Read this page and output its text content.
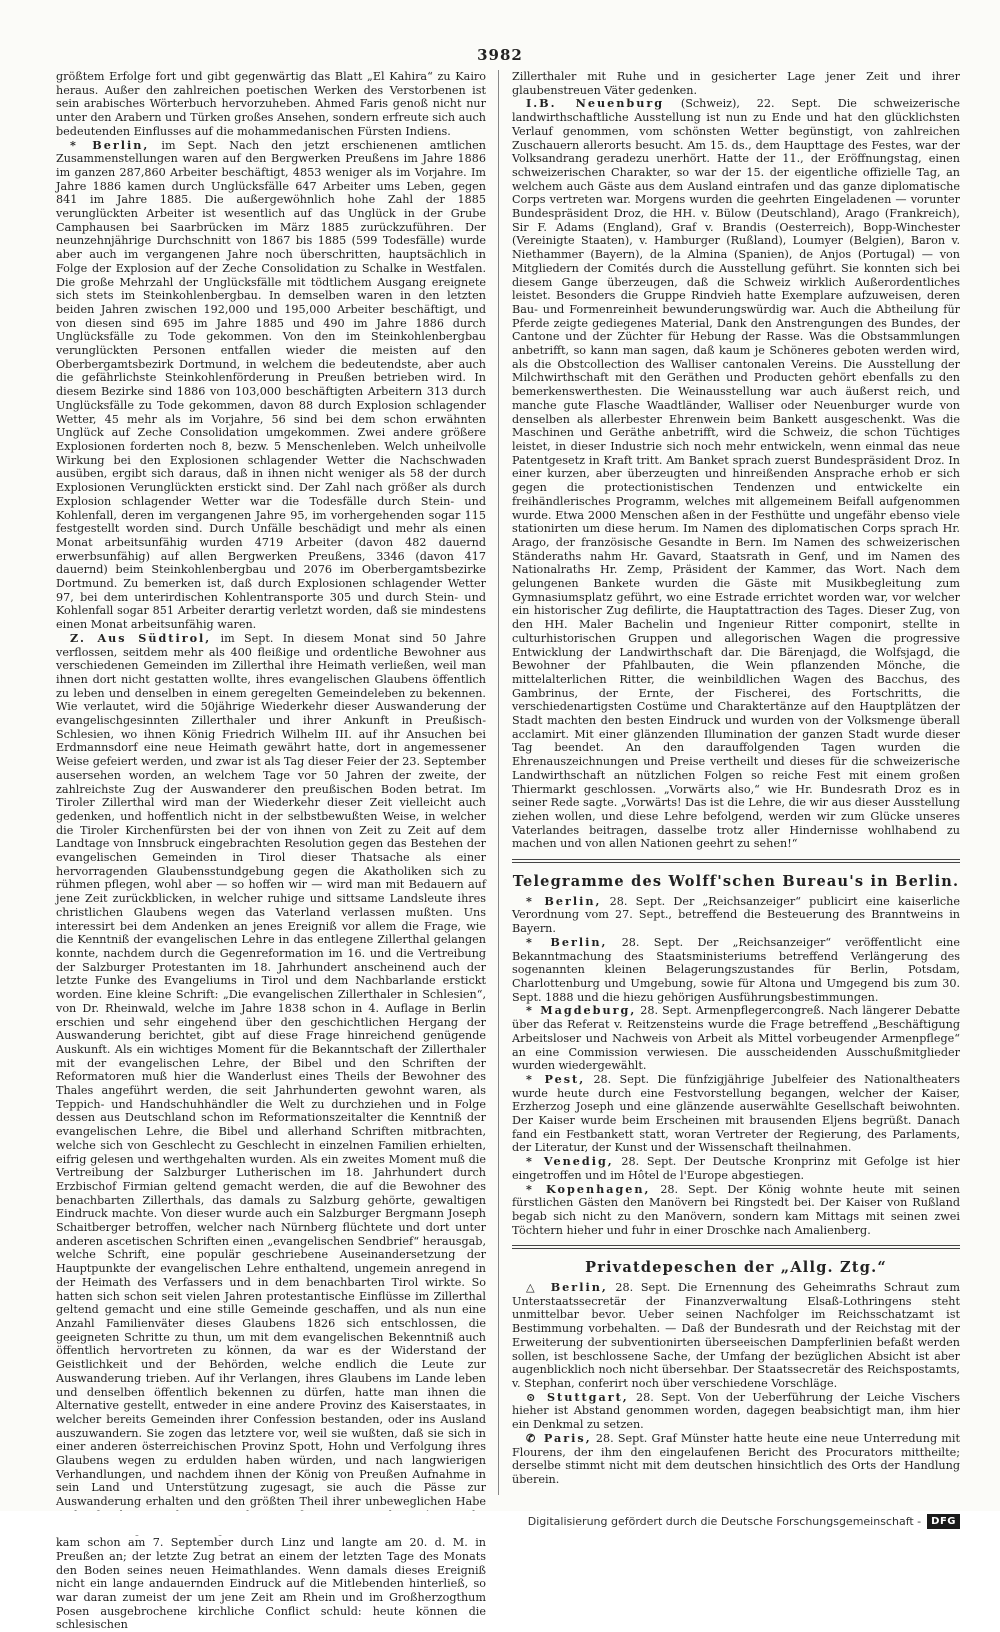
3982

größtem Erfolge fort und gibt gegenwärtig das Blatt „El Kahira“ zu Kairo heraus. Außer den zahlreichen poetischen Werken des Verstorbenen ist sein arabisches Wörterbuch hervorzuheben. Ahmed Faris genoß nicht nur unter den Arabern und Türken großes Ansehen, sondern erfreute sich auch bedeutenden Einflusses auf die mohammedanischen Fürsten Indiens.

* Berlin, im Sept. Nach den jetzt erschienenen amtlichen Zusammenstellungen waren auf den Bergwerken Preußens im Jahre 1886 im ganzen 287,860 Arbeiter beschäftigt, 4853 weniger als im Vorjahre. Im Jahre 1886 kamen durch Unglücksfälle 647 Arbeiter ums Leben, gegen 841 im Jahre 1885. Die außergewöhnlich hohe Zahl der 1885 verunglückten Arbeiter ist wesentlich auf das Unglück in der Grube Camphausen bei Saarbrücken im März 1885 zurückzuführen. Der neunzehnjährige Durchschnitt von 1867 bis 1885 (599 Todesfälle) wurde aber auch im vergangenen Jahre noch überschritten, hauptsächlich in Folge der Explosion auf der Zeche Consolidation zu Schalke in Westfalen. Die große Mehrzahl der Unglücksfälle mit tödtlichem Ausgang ereignete sich stets im Steinkohlenbergbau. In demselben waren in den letzten beiden Jahren zwischen 192,000 und 195,000 Arbeiter beschäftigt, und von diesen sind 695 im Jahre 1885 und 490 im Jahre 1886 durch Unglücksfälle zu Tode gekommen. Von den im Steinkohlenbergbau verunglückten Personen entfallen wieder die meisten auf den Oberbergamtsbezirk Dortmund, in welchem die bedeutendste, aber auch die gefährlichste Steinkohlenförderung in Preußen betrieben wird. In diesem Bezirke sind 1886 von 103,000 beschäftigten Arbeitern 313 durch Unglücksfälle zu Tode gekommen, davon 88 durch Explosion schlagender Wetter, 45 mehr als im Vorjahre, 56 sind bei dem schon erwähnten Unglück auf Zeche Consolidation umgekommen. Zwei andere größere Explosionen forderten noch 8, bezw. 5 Menschenleben. Welch unheilvolle Wirkung bei den Explosionen schlagender Wetter die Nachschwaden ausüben, ergibt sich daraus, daß in ihnen nicht weniger als 58 der durch Explosionen Verunglückten erstickt sind. Der Zahl nach größer als durch Explosion schlagender Wetter war die Todesfälle durch Stein- und Kohlenfall, deren im vergangenen Jahre 95, im vorhergehenden sogar 115 festgestellt worden sind. Durch Unfälle beschädigt und mehr als einen Monat arbeitsunfähig wurden 4719 Arbeiter (davon 482 dauernd erwerbsunfähig) auf allen Bergwerken Preußens, 3346 (davon 417 dauernd) beim Steinkohlenbergbau und 2076 im Oberbergamtsbezirke Dortmund. Zu bemerken ist, daß durch Explosionen schlagender Wetter 97, bei dem unterirdischen Kohlentransporte 305 und durch Stein- und Kohlenfall sogar 851 Arbeiter derartig verletzt worden, daß sie mindestens einen Monat arbeitsunfähig waren.

Z. Aus Südtirol, im Sept. In diesem Monat sind 50 Jahre verflossen, seitdem mehr als 400 fleißige und ordentliche Bewohner aus verschiedenen Gemeinden im Zillerthal ihre Heimath verließen, weil man ihnen dort nicht gestatten wollte, ihres evangelischen Glaubens öffentlich zu leben und denselben in einem geregelten Gemeindeleben zu bekennen. Wie verlautet, wird die 50jährige Wiederkehr dieser Auswanderung der evangelischgesinnten Zillerthaler und ihrer Ankunft in Preußisch-Schlesien, wo ihnen König Friedrich Wilhelm III. auf ihr Ansuchen bei Erdmannsdorf eine neue Heimath gewährt hatte, dort in angemessener Weise gefeiert werden, und zwar ist als Tag dieser Feier der 23. September ausersehen worden, an welchem Tage vor 50 Jahren der zweite, der zahlreichste Zug der Auswanderer den preußischen Boden betrat. Im Tiroler Zillerthal wird man der Wiederkehr dieser Zeit vielleicht auch gedenken, und hoffentlich nicht in der selbstbewußten Weise, in welcher die Tiroler Kirchenfürsten bei der von ihnen von Zeit zu Zeit auf dem Landtage von Innsbruck eingebrachten Resolution gegen das Bestehen der evangelischen Gemeinden in Tirol dieser Thatsache als einer hervorragenden Glaubensstundgebung gegen die Akatholiken sich zu rühmen pflegen, wohl aber — so hoffen wir — wird man mit Bedauern auf jene Zeit zurückblicken, in welcher ruhige und sittsame Landsleute ihres christlichen Glaubens wegen das Vaterland verlassen mußten. Uns interessirt bei dem Andenken an jenes Ereigniß vor allem die Frage, wie die Kenntniß der evangelischen Lehre in das entlegene Zillerthal gelangen konnte, nachdem durch die Gegenreformation im 16. und die Vertreibung der Salzburger Protestanten im 18. Jahrhundert anscheinend auch der letzte Funke des Evangeliums in Tirol und dem Nachbarlande erstickt worden. Eine kleine Schrift: „Die evangelischen Zillerthaler in Schlesien“, von Dr. Rheinwald, welche im Jahre 1838 schon in 4. Auflage in Berlin erschien und sehr eingehend über den geschichtlichen Hergang der Auswanderung berichtet, gibt auf diese Frage hinreichend genügende Auskunft. Als ein wichtiges Moment für die Bekanntschaft der Zillerthaler mit der evangelischen Lehre, der Bibel und den Schriften der Reformatoren muß hier die Wanderlust eines Theils der Bewohner des Thales angeführt werden, die seit Jahrhunderten gewohnt waren, als Teppich- und Handschuhhändler die Welt zu durchziehen und in Folge dessen aus Deutschland schon im Reformationszeitalter die Kenntniß der evangelischen Lehre, die Bibel und allerhand Schriften mitbrachten, welche sich von Geschlecht zu Geschlecht in einzelnen Familien erhielten, eifrig gelesen und werthgehalten wurden. Als ein zweites Moment muß die Vertreibung der Salzburger Lutherischen im 18. Jahrhundert durch Erzbischof Firmian geltend gemacht werden, die auf die Bewohner des benachbarten Zillerthals, das damals zu Salzburg gehörte, gewaltigen Eindruck machte. Von dieser wurde auch ein Salzburger Bergmann Joseph Schaitberger betroffen, welcher nach Nürnberg flüchtete und dort unter anderen ascetischen Schriften einen „evangelischen Sendbrief“ herausgab, welche Schrift, eine populär geschriebene Auseinandersetzung der Hauptpunkte der evangelischen Lehre enthaltend, ungemein anregend in der Heimath des Verfassers und in dem benachbarten Tirol wirkte. So hatten sich schon seit vielen Jahren protestantische Einflüsse im Zillerthal geltend gemacht und eine stille Gemeinde geschaffen, und als nun eine Anzahl Familienväter dieses Glaubens 1826 sich entschlossen, die geeigneten Schritte zu thun, um mit dem evangelischen Bekenntniß auch öffentlich hervortreten zu können, da war es der Widerstand der Geistlichkeit und der Behörden, welche endlich die Leute zur Auswanderung trieben. Auf ihr Verlangen, ihres Glaubens im Lande leben und denselben öffentlich bekennen zu dürfen, hatte man ihnen die Alternative gestellt, entweder in eine andere Provinz des Kaiserstaates, in welcher bereits Gemeinden ihrer Confession bestanden, oder ins Ausland auszuwandern. Sie zogen das letztere vor, weil sie wußten, daß sie sich in einer anderen österreichischen Provinz Spott, Hohn und Verfolgung ihres Glaubens wegen zu erdulden haben würden, und nach langwierigen Verhandlungen, und nachdem ihnen der König von Preußen Aufnahme in sein Land und Unterstützung zugesagt, sie auch die Pässe zur Auswanderung erhalten und den größten Theil ihrer unbeweglichen Habe kam schon am 7. September durch Linz und langte am 20. d. M. in Preußen an; der letzte Zug betrat an einem der letzten Tage des Monats den Boden seines neuen Heimathlandes. Wenn damals dieses Ereigniß nicht ein lange andauernden Eindruck auf die Mitlebenden hinterließ, so war daran zumeist der um jene Zeit am Rhein und im Großherzogthum Posen ausgebrochene kirchliche Conflict schuld: heute können die schlesischen

Zillerthaler mit Ruhe und in gesicherter Lage jener Zeit und ihrer glaubenstreuen Väter gedenken.

I.B. Neuenburg (Schweiz), 22. Sept. Die schweizerische landwirthschaftliche Ausstellung ist nun zu Ende und hat den glücklichsten Verlauf genommen, vom schönsten Wetter begünstigt, von zahlreichen Zuschauern allerorts besucht. Am 15. ds., dem Haupttage des Festes, war der Volksandrang geradezu unerhört. Hatte der 11., der Eröffnungstag, einen schweizerischen Charakter, so war der 15. der eigentliche offizielle Tag, an welchem auch Gäste aus dem Ausland eintrafen und das ganze diplomatische Corps vertreten war. Morgens wurden die geehrten Eingeladenen — vorunter Bundespräsident Droz, die HH. v. Bülow (Deutschland), Arago (Frankreich), Sir F. Adams (England), Graf v. Brandis (Oesterreich), Bopp-Winchester (Vereinigte Staaten), v. Hamburger (Rußland), Loumyer (Belgien), Baron v. Niethammer (Bayern), de la Almina (Spanien), de Anjos (Portugal) — von Mitgliedern der Comités durch die Ausstellung geführt. Sie konnten sich bei diesem Gange überzeugen, daß die Schweiz wirklich Außerordentliches leistet. Besonders die Gruppe Rindvieh hatte Exemplare aufzuweisen, deren Bau- und Formenreinheit bewunderungswürdig war. Auch die Abtheilung für Pferde zeigte gediegenes Material, Dank den Anstrengungen des Bundes, der Cantone und der Züchter für Hebung der Rasse. Was die Obstsammlungen anbetrifft, so kann man sagen, daß kaum je Schöneres geboten werden wird, als die Obstcollection des Walliser cantonalen Vereins. Die Ausstellung der Milchwirthschaft mit den Geräthen und Producten gehört ebenfalls zu den bemerkenswerthesten. Die Weinausstellung war auch äußerst reich, und manche gute Flasche Waadtländer, Walliser oder Neuenburger wurde von denselben als allerbester Ehrenwein beim Bankett ausgeschenkt. Was die Maschinen und Geräthe anbetrifft, wird die Schweiz, die schon Tüchtiges leistet, in dieser Industrie sich noch mehr entwickeln, wenn einmal das neue Patentgesetz in Kraft tritt. Am Banket sprach zuerst Bundespräsident Droz. In einer kurzen, aber überzeugten und hinreißenden Ansprache erhob er sich gegen die protectionistischen Tendenzen und entwickelte ein freihändlerisches Programm, welches mit allgemeinem Beifall aufgenommen wurde. Etwa 2000 Menschen aßen in der Festhütte und ungefähr ebenso viele stationirten um diese herum. Im Namen des diplomatischen Corps sprach Hr. Arago, der französische Gesandte in Bern. Im Namen des schweizerischen Ständeraths nahm Hr. Gavard, Staatsrath in Genf, und im Namen des Nationalraths Hr. Zemp, Präsident der Kammer, das Wort. Nach dem gelungenen Bankete wurden die Gäste mit Musikbegleitung zum Gymnasiumsplatz geführt, wo eine Estrade errichtet worden war, vor welcher ein historischer Zug defilirte, die Hauptattraction des Tages. Dieser Zug, von den HH. Maler Bachelin und Ingenieur Ritter componirt, stellte in culturhistorischen Gruppen und allegorischen Wagen die progressive Entwicklung der Landwirthschaft dar. Die Bärenjagd, die Wolfsjagd, die Bewohner der Pfahlbauten, die Wein pflanzenden Mönche, die mittelalterlichen Ritter, die weinbildlichen Wagen des Bacchus, des Gambrinus, der Ernte, der Fischerei, des Fortschritts, die verschiedenartigsten Costüme und Charaktertänze auf den Hauptplätzen der Stadt machten den besten Eindruck und wurden von der Volksmenge überall acclamirt. Mit einer glänzenden Illumination der ganzen Stadt wurde dieser Tag beendet. An den darauffolgenden Tagen wurden die Ehrenauszeichnungen und Preise vertheilt und dieses für die schweizerische Landwirthschaft an nützlichen Folgen so reiche Fest mit einem großen Thiermarkt geschlossen. „Vorwärts also,“ wie Hr. Bundesrath Droz es in seiner Rede sagte. „Vorwärts! Das ist die Lehre, die wir aus dieser Ausstellung ziehen wollen, und diese Lehre befolgend, werden wir zum Glücke unseres Vaterlandes beitragen, dasselbe trotz aller Hindernisse wohlhabend zu machen und von allen Nationen geehrt zu sehen!“

Telegramme des Wolff'schen Bureau's in Berlin.

* Berlin, 28. Sept. Der „Reichsanzeiger“ publicirt eine kaiserliche Verordnung vom 27. Sept., betreffend die Besteuerung des Branntweins in Bayern.

* Berlin, 28. Sept. Der „Reichsanzeiger“ veröffentlicht eine Bekanntmachung des Staatsministeriums betreffend Verlängerung des sogenannten kleinen Belagerungszustandes für Berlin, Potsdam, Charlottenburg und Umgebung, sowie für Altona und Umgegend bis zum 30. Sept. 1888 und die hiezu gehörigen Ausführungsbestimmungen.

* Magdeburg, 28. Sept. Armenpflegercongreß. Nach längerer Debatte über das Referat v. Reitzensteins wurde die Frage betreffend „Beschäftigung Arbeitsloser und Nachweis von Arbeit als Mittel vorbeugender Armenpflege“ an eine Commission verwiesen. Die ausscheidenden Ausschußmitglieder wurden wiedergewählt.

* Pest, 28. Sept. Die fünfzigjährige Jubelfeier des Nationaltheaters wurde heute durch eine Festvorstellung begangen, welcher der Kaiser, Erzherzog Joseph und eine glänzende auserwählte Gesellschaft beiwohnten. Der Kaiser wurde beim Erscheinen mit brausenden Eljens begrüßt. Danach fand ein Festbankett statt, woran Vertreter der Regierung, des Parlaments, der Literatur, der Kunst und der Wissenschaft theilnahmen.

* Venedig, 28. Sept. Der Deutsche Kronprinz mit Gefolge ist hier eingetroffen und im Hôtel de l'Europe abgestiegen.

* Kopenhagen, 28. Sept. Der König wohnte heute mit seinen fürstlichen Gästen den Manövern bei Ringstedt bei. Der Kaiser von Rußland begab sich nicht zu den Manövern, sondern kam Mittags mit seinen zwei Töchtern hieher und fuhr in einer Droschke nach Amalienberg.

Privatdepeschen der „Allg. Ztg.“

△ Berlin, 28. Sept. Die Ernennung des Geheimraths Schraut zum Unterstaatssecretär der Finanzverwaltung Elsaß-Lothringens steht unmittelbar bevor. Ueber seinen Nachfolger im Reichsschatzamt ist Bestimmung vorbehalten. — Daß der Bundesrath und der Reichstag mit der Erweiterung der subventionirten überseeischen Dampferlinien befaßt werden sollen, ist beschlossene Sache, der Umfang der bezüglichen Absicht ist aber augenblicklich noch nicht übersehbar. Der Staatssecretär des Reichspostamts, v. Stephan, conferirt noch über verschiedene Vorschläge.

⊙ Stuttgart, 28. Sept. Von der Ueberführung der Leiche Vischers hieher ist Abstand genommen worden, dagegen beabsichtigt man, ihm hier ein Denkmal zu setzen.

✆ Paris, 28. Sept. Graf Münster hatte heute eine neue Unterredung mit Flourens, der ihm den eingelaufenen Bericht des Procurators mittheilte; derselbe stimmt nicht mit dem deutschen hinsichtlich des Orts der Handlung überein.

Digitalisierung gefördert durch die Deutsche Forschungsgemeinschaft -	DFG
